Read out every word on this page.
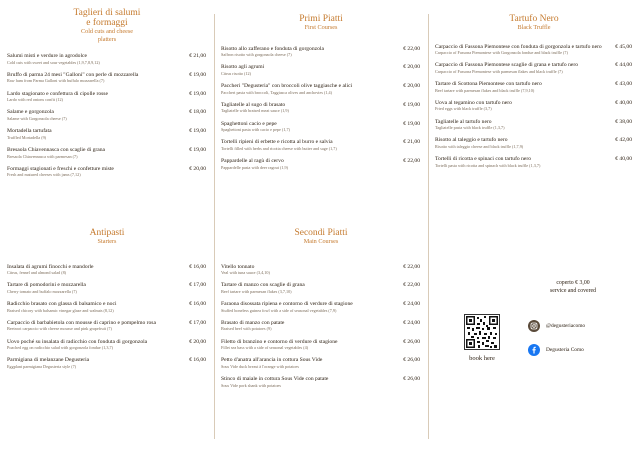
Taglieri di salumi e formaggi
Cold cuts and cheese platters
Salumi misti e verdure in agrodolce
Cold cuts with sweet and sour vegetables (1,9,7,8,9,12)
€ 21,00
Bruffo di parma 24 mesi "Galloni" con perle di mozzarella
Raw ham from Parma Galloni with buffalo mozzarella (7)
€ 19,00
Lardo stagionato e confettura di cipolle rosse
Lardo with red onions confit (12)
€ 19,00
Salame e gorgonzola
Salame with Gorgonzola cheese (7)
€ 18,00
Mortadella tartufata
Truffled Mortadella (9)
€ 19,00
Bresaola Chiavennasca con scaglie di grana
Bresaola Chiavennasca with parmesan (7)
€ 19,00
Formaggi stagionati e freschi e confetture miste
Fresh and matured cheeses with jams (7,12)
€ 20,00
Antipasti
Starters
Insalata di agrumi finocchi e mandorle
Citrus, fennel and almond salad (8)
€ 16,00
Tartare di pomodorini e mozzarella
Cherry tomato and buffalo mozzarella (7)
€ 17,00
Radicchio brasato con glassa di balsamico e noci
Braised chicory with balsamic vinegar glaze and walnuts (8,12)
€ 16,00
Carpaccio di barbabietola con mousse di caprino e pompelmo rosa
Beetroot carpaccio with cheese mousse and pink grapefruit (7)
€ 17,00
Uovo poché su insalata di radicchio con fonduta di gorgonzola
Poached egg on radicchio salad with gorgonzola fondue (1,3,7)
€ 20,00
Parmigiana di melanzane Degusteria
Eggplant parmigiana Degusteria style (7)
€ 16,00
Primi Piatti
First Courses
Risotto allo zafferano e fonduta di gorgonzola
Saffron risotto with gorgonzola cheese (7)
€ 22,00
Risotto agli agrumi
Citrus risotto (12)
€ 20,00
Paccheri "Degusteria" con broccoli olive taggiasche e alici
Paccheri pasta with broccoli, Taggiasca olives and anchovies (1,4)
€ 20,00
Tagliatelle al sugo di brasato
Tagliatelle with braised meat sauce (1,9)
€ 19,00
Spaghettoni cacio e pepe
Spaghettoni pasta with cacio e pepe (1,7)
€ 19,00
Tortelli ripieni di erbette e ricotta al burro e salvia
Tortelli filled with herbs and ricotta cheese with butter and sage (1,7)
€ 21,00
Pappardelle al ragù di cervo
Pappardelle pasta with deer ragout (1,9)
€ 22,00
Secondi Piatti
Main Courses
Vitello tonnato
Veal with tuna sauce (3,4,10)
€ 22,00
Tartare di manzo con scaglie di grana
Beef tartare with parmesan flakes (3,7,10)
€ 22,00
Faraona disossata ripiena e contorno di verdure di stagione
Stuffed boneless guinea fowl with a side of seasonal vegetables (7,9)
€ 24,00
Brasato di manzo con patate
Braised beef with potatoes (9)
€ 24,00
Filetto di branzino e contorno di verdure di stagione
Fillet sea bass with a side of seasonal vegetables (4)
€ 26,00
Petto d'anatra all'arancia in cottura Sous Vide
Sous Vide duck breast à l'orange with potatoes
€ 26,00
Stinco di maiale in cottura Sous Vide con patate
Sous Vide pork shank with potatoes
€ 26,00
Tartufo Nero
Black Truffle
Carpaccio di Fassona Piemontese con fonduta di gorgonzola e tartufo nero
Carpaccio of Fassona Piemontese with Gorgonzola fondue and black truffle (7)
€ 45,00
Carpaccio di Fassona Piemontese scaglie di grana e tartufo nero
Carpaccio of Fassona Piemontese with parmesan flakes and black truffle (7)
€ 44,00
Tartare di Scottona Piemontese con tartufo nero
Beef tartare with parmesan flakes and black truffle (7,9,10)
€ 43,00
Uova al tegamino con tartufo nero
Fried eggs with black truffle (3,7)
€ 40,00
Tagliatelle al tartufo nero
Tagliatelle pasta with black truffle (1,3,7)
€ 38,00
Risotto al taleggio e tartufo nero
Risotto with taleggio cheese and black truffle (1,7,9)
€ 42,00
Tortelli di ricotta e spinaci con tartufo nero
Tortelli pasta with ricotta and spinach with black truffle (1,3,7)
€ 40,00
coperto € 3,00
service and covered
book here
@degusteriacomo
Degusteria Como
